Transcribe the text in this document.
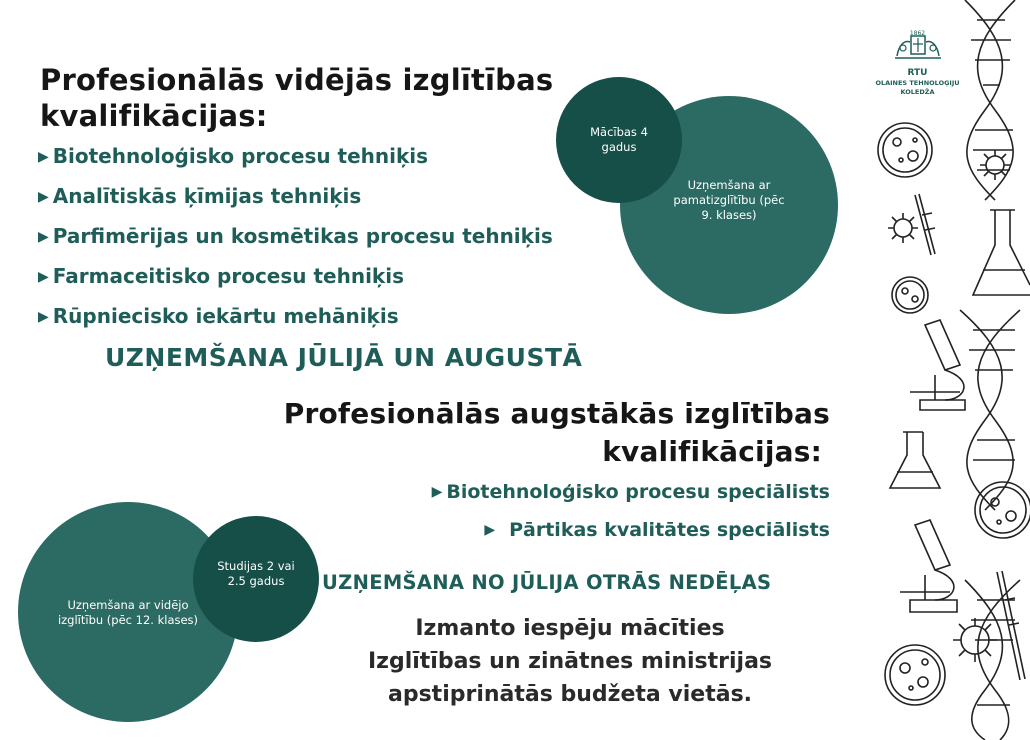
1862
RTU
OLAINES TEHNOLOĢIJU
KOLEDŽA
Profesionālās vidējās izglītības
kvalifikācijas:
▶ Biotehnoloģisko procesu tehniķis
▶ Analītiskās ķīmijas tehniķis
▶ Parfimērijas un kosmētikas procesu tehniķis
▶ Farmaceitisko procesu tehniķis
▶ Rūpniecisko iekārtu mehāniķis
UZŅEMŠANA JŪLIJĀ UN AUGUSTĀ
Uzņemšana ar pamatizglītību (pēc 9. klases)
Mācības 4 gadus
Profesionālās augstākās izglītības
kvalifikācijas:
▶ Biotehnoloģisko procesu speciālists
▶ Pārtikas kvalitātes speciālists
Uzņemšana ar vidējo izglītību (pēc 12. klases)
Studijas 2 vai 2.5 gadus	UZŅEMŠANA NO JŪLIJA OTRĀS NEDĒĻAS
Izmanto iespēju mācīties
Izglītības un zinātnes ministrijas
apstiprinātās budžeta vietās.
